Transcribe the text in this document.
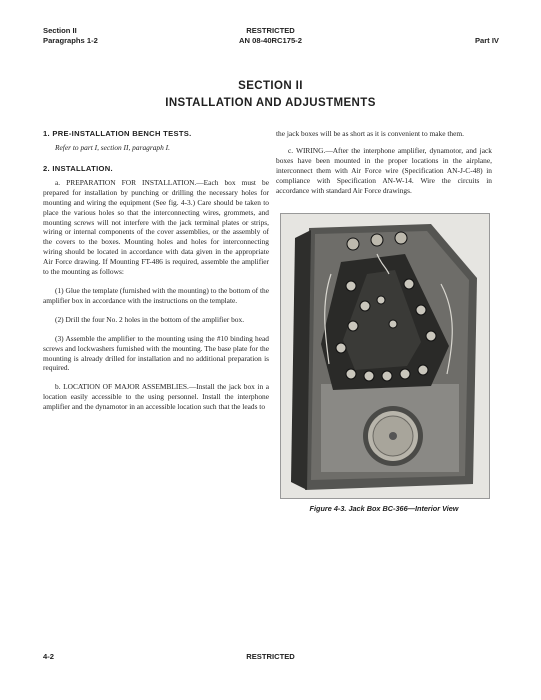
Section II
Paragraphs 1-2
RESTRICTED
AN 08-40RC175-2	Part IV
SECTION II
INSTALLATION AND ADJUSTMENTS

1. PRE-INSTALLATION BENCH TESTS.

Refer to part I, section II, paragraph I.

2. INSTALLATION.

a. PREPARATION FOR INSTALLATION.—Each box must be prepared for installation by punching or drilling the necessary holes for mounting and wiring the equipment (See fig. 4-3.) Care should be taken to place the various holes so that the interconnecting wires, grommets, and mounting screws will not interfere with the jack terminal plates or strips, wiring or internal components of the cover assemblies, or the assembly of the covers to the boxes. Mounting holes and holes for interconnecting wiring should be located in accordance with data given in the appropriate Air Force drawing. If Mounting FT-486 is required, assemble the amplifier to the mounting as follows:

(1) Glue the template (furnished with the mounting) to the bottom of the amplifier box in accordance with the instructions on the template.

(2) Drill the four No. 2 holes in the bottom of the amplifier box.

(3) Assemble the amplifier to the mounting using the #10 binding head screws and lockwashers furnished with the mounting. The base plate for the mounting is already drilled for installation and no additional preparation is required.

b. LOCATION OF MAJOR ASSEMBLIES.—Install the jack box in a location easily accessible to the using personnel. Install the interphone amplifier and the dynamotor in an accessible location such that the leads to

the jack boxes will be as short as it is convenient to make them.

c. WIRING.—After the interphone amplifier, dynamotor, and jack boxes have been mounted in the proper locations in the airplane, interconnect them with Air Force wire (Specification AN-J-C-48) in compliance with Specification AN-W-14. Wire the circuits in accordance with standard Air Force drawings.

Figure 4-3. Jack Box BC-366—Interior View
4-2	RESTRICTED
